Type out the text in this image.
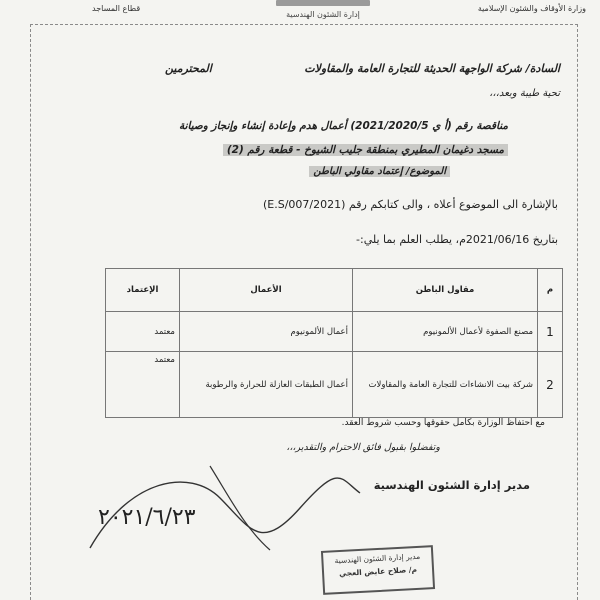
وزارة الأوقاف والشئون الإسلامية
إدارة الشئون الهندسية
قطاع المساجد
السادة/ شركة الواجهة الحديثة للتجارة العامة والمقاولات
المحترمين
تحية طيبة وبعد،،،
مناقصة رقم (أ ي 2021/2020/5) أعمال هدم وإعادة إنشاء وإنجاز وصيانة
مسجد دغيمان المطيري بمنطقة جليب الشيوخ - قطعة رقم (2)
الموضوع/ إعتماد مقاولي الباطن
بالإشارة الى الموضوع أعلاه ، والى كتابكم رقم (E.S/007/2021)
بتاريخ 2021/06/16م، يطلب العلم بما يلي:-
م	مقاول الباطن	الأعمال	الإعتماد
1	مصنع الصفوة لأعمال الألمونيوم	أعمال الألمونيوم	معتمد
2	شركة بيت الانشاءات للتجارة العامة والمقاولات	أعمال الطبقات العازلة للحرارة والرطوبة	معتمد
مع احتفاظ الوزارة بكامل حقوقها وحسب شروط العقد.
وتفضلوا بقبول فائق الاحترام والتقدير،،،
مدير إدارة الشئون الهندسية
٢٠٢١/٦/٢٣
مدير إدارة الشئون الهندسية
م/ صلاح عايض العجي
